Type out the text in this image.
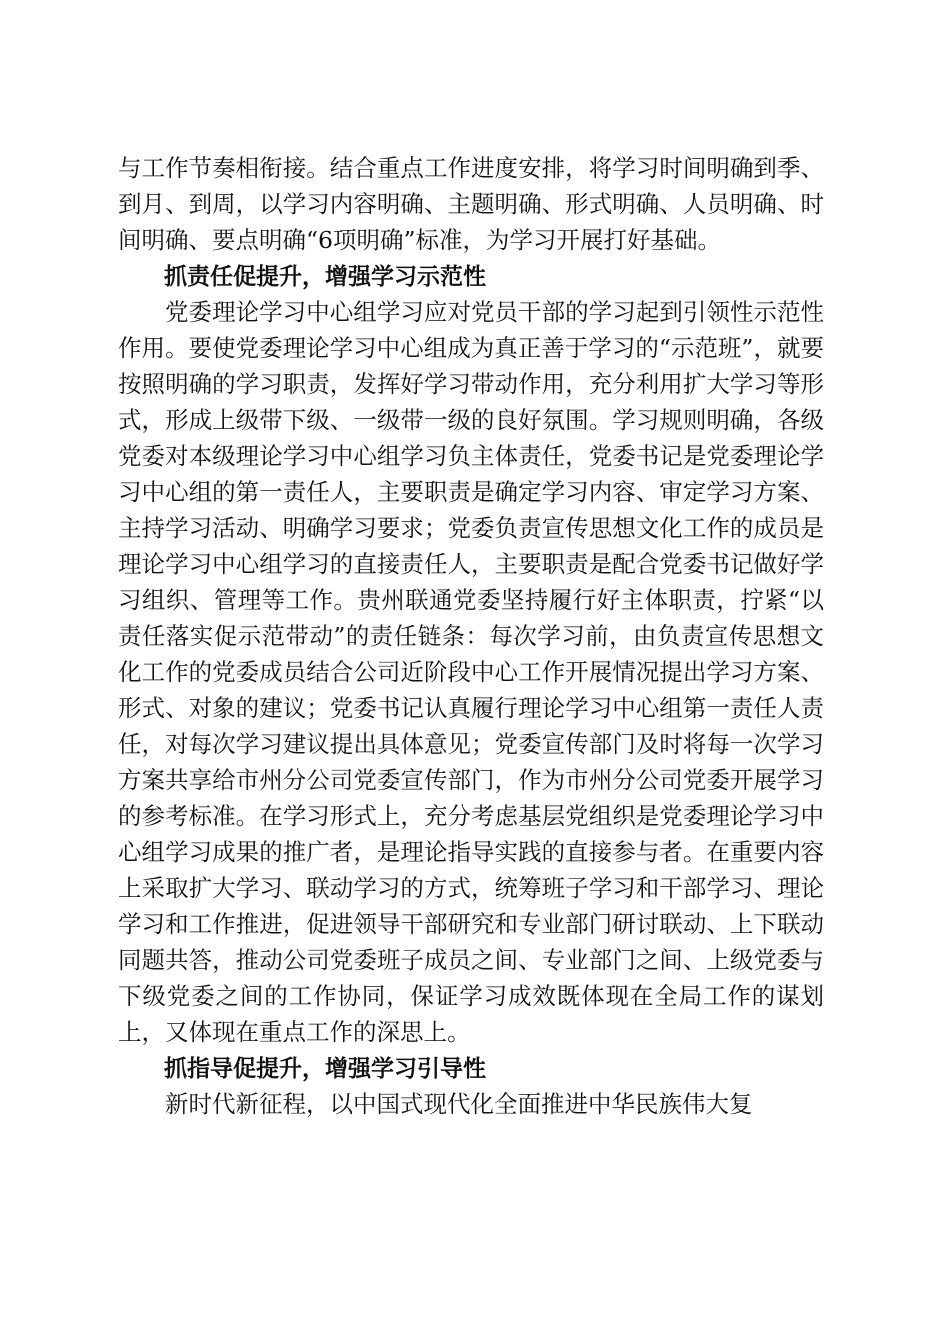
与工作节奏相衔接。结合重点工作进度安排，将学习时间明确到季、到月、到周，以学习内容明确、主题明确、形式明确、人员明确、时间明确、要点明确“6项明确”标准，为学习开展打好基础。

抓责任促提升，增强学习示范性

党委理论学习中心组学习应对党员干部的学习起到引领性示范性作用。要使党委理论学习中心组成为真正善于学习的“示范班”，就要按照明确的学习职责，发挥好学习带动作用，充分利用扩大学习等形式，形成上级带下级、一级带一级的良好氛围。学习规则明确，各级党委对本级理论学习中心组学习负主体责任，党委书记是党委理论学习中心组的第一责任人，主要职责是确定学习内容、审定学习方案、主持学习活动、明确学习要求；党委负责宣传思想文化工作的成员是理论学习中心组学习的直接责任人，主要职责是配合党委书记做好学习组织、管理等工作。贵州联通党委坚持履行好主体职责，拧紧“以责任落实促示范带动”的责任链条：每次学习前，由负责宣传思想文化工作的党委成员结合公司近阶段中心工作开展情况提出学习方案、形式、对象的建议；党委书记认真履行理论学习中心组第一责任人责任，对每次学习建议提出具体意见；党委宣传部门及时将每一次学习方案共享给市州分公司党委宣传部门，作为市州分公司党委开展学习的参考标准。在学习形式上，充分考虑基层党组织是党委理论学习中心组学习成果的推广者，是理论指导实践的直接参与者。在重要内容上采取扩大学习、联动学习的方式，统筹班子学习和干部学习、理论学习和工作推进，促进领导干部研究和专业部门研讨联动、上下联动同题共答，推动公司党委班子成员之间、专业部门之间、上级党委与下级党委之间的工作协同，保证学习成效既体现在全局工作的谋划上，又体现在重点工作的深思上。

抓指导促提升，增强学习引导性

新时代新征程，以中国式现代化全面推进中华民族伟大复
